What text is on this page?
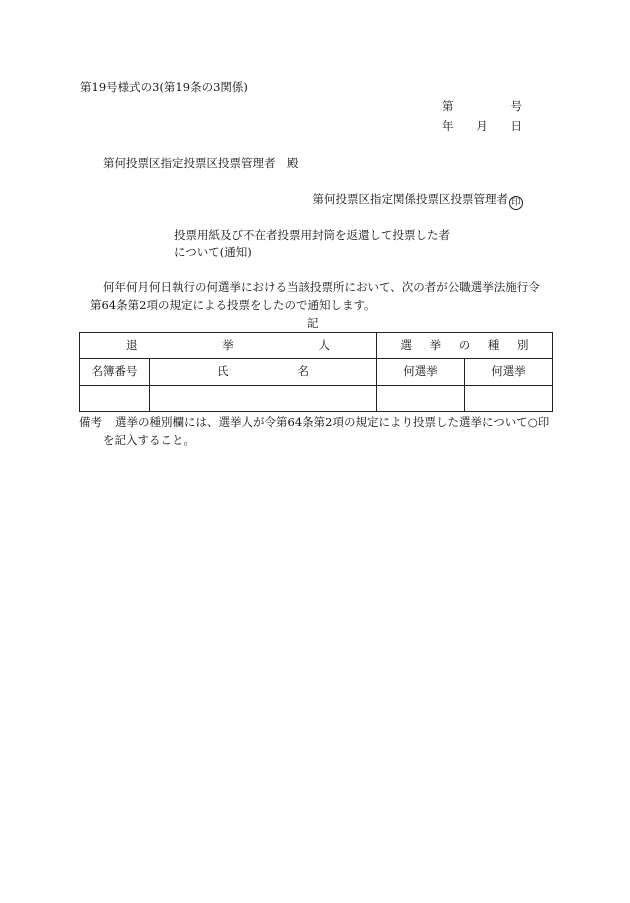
第19号様式の3(第19条の3関係)
第	号
年 月 日
第何投票区指定投票区投票管理者　殿
第何投票区指定関係投票区投票管理者 印
投票用紙及び不在者投票用封筒を返還して投票した者
について(通知)
何年何月何日執行の何選挙における当該投票所において、次の者が公職選挙法施行令
第64条第2項の規定による投票をしたので通知します。
記
退 挙 人		選 挙 の 種 別	

名簿番号	氏 名	何選挙	何選挙

備考 選挙の種別欄には、選挙人が令第64条第2項の規定により投票した選挙について○印
を記入すること。
